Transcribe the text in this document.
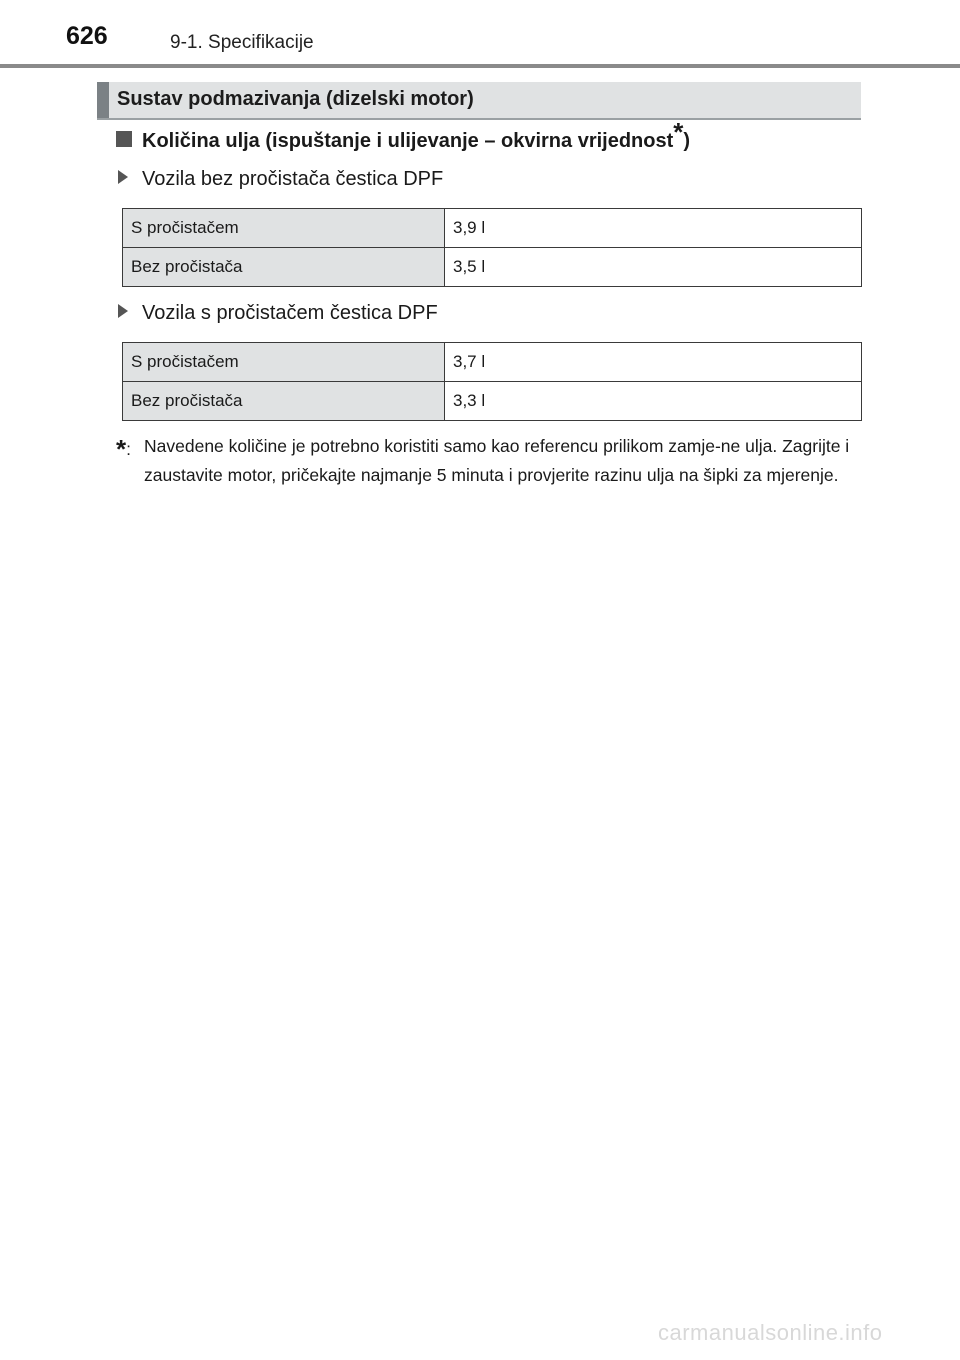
626	9-1. Specifikacije
Sustav podmazivanja (dizelski motor)
Količina ulja (ispuštanje i ulijevanje – okvirna vrijednost*)
Vozila bez pročistača čestica DPF
S pročistačem	3,9 l
Bez pročistača	3,5 l
Vozila s pročistačem čestica DPF
S pročistačem	3,7 l
Bez pročistača	3,3 l
*: Navedene količine je potrebno koristiti samo kao referencu prilikom zamje-ne ulja. Zagrijte i zaustavite motor, pričekajte najmanje 5 minuta i provjerite razinu ulja na šipki za mjerenje.
carmanualsonline.info
